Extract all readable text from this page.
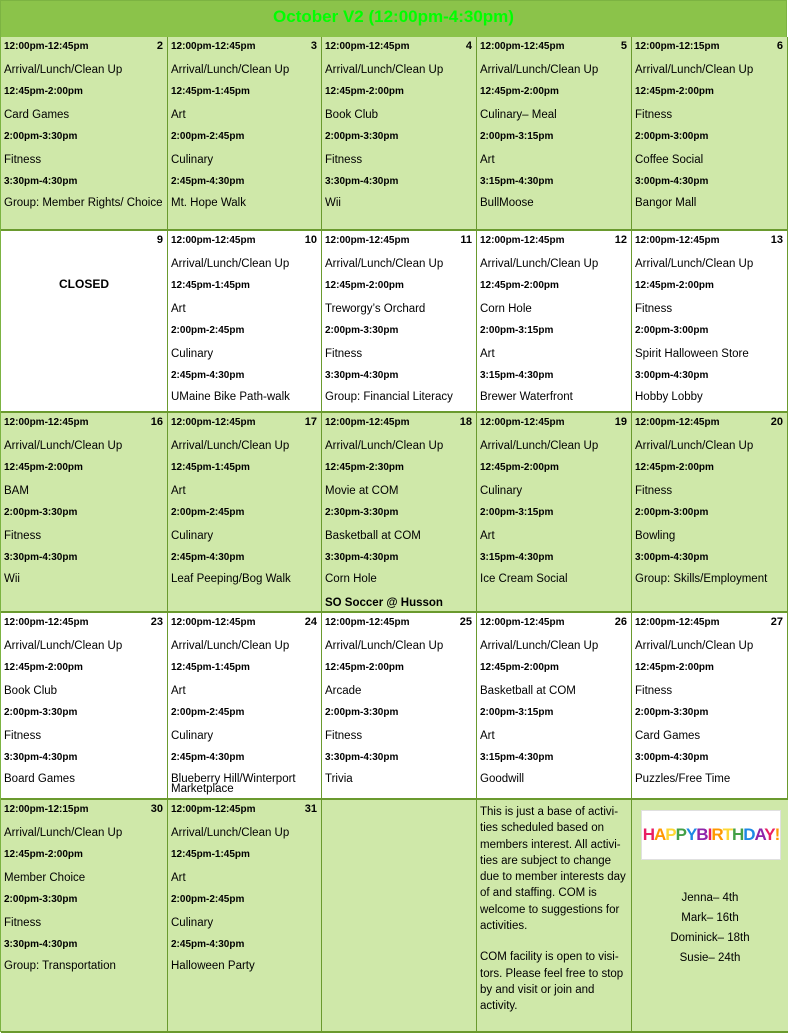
October V2 (12:00pm-4:30pm)
2
12:00pm-12:45pm
Arrival/Lunch/Clean Up
12:45pm-2:00pm
Card Games
2:00pm-3:30pm
Fitness
3:30pm-4:30pm
Group: Member Rights/ Choice
3
12:00pm-12:45pm
Arrival/Lunch/Clean Up
12:45pm-1:45pm
Art
2:00pm-2:45pm
Culinary
2:45pm-4:30pm
Mt. Hope Walk
4
12:00pm-12:45pm
Arrival/Lunch/Clean Up
12:45pm-2:00pm
Book Club
2:00pm-3:30pm
Fitness
3:30pm-4:30pm
Wii
5
12:00pm-12:45pm
Arrival/Lunch/Clean Up
12:45pm-2:00pm
Culinary– Meal
2:00pm-3:15pm
Art
3:15pm-4:30pm
BullMoose
6
12:00pm-12:15pm
Arrival/Lunch/Clean Up
12:45pm-2:00pm
Fitness
2:00pm-3:00pm
Coffee Social
3:00pm-4:30pm
Bangor Mall
9
CLOSED
10
12:00pm-12:45pm
Arrival/Lunch/Clean Up
12:45pm-1:45pm
Art
2:00pm-2:45pm
Culinary
2:45pm-4:30pm
UMaine Bike Path-walk
11
12:00pm-12:45pm
Arrival/Lunch/Clean Up
12:45pm-2:00pm
Treworgy’s Orchard
2:00pm-3:30pm
Fitness
3:30pm-4:30pm
Group: Financial Literacy
12
12:00pm-12:45pm
Arrival/Lunch/Clean Up
12:45pm-2:00pm
Corn Hole
2:00pm-3:15pm
Art
3:15pm-4:30pm
Brewer Waterfront
13
12:00pm-12:45pm
Arrival/Lunch/Clean Up
12:45pm-2:00pm
Fitness
2:00pm-3:00pm
Spirit Halloween Store
3:00pm-4:30pm
Hobby Lobby
16
12:00pm-12:45pm
Arrival/Lunch/Clean Up
12:45pm-2:00pm
BAM
2:00pm-3:30pm
Fitness
3:30pm-4:30pm
Wii
17
12:00pm-12:45pm
Arrival/Lunch/Clean Up
12:45pm-1:45pm
Art
2:00pm-2:45pm
Culinary
2:45pm-4:30pm
Leaf Peeping/Bog Walk
18
12:00pm-12:45pm
Arrival/Lunch/Clean Up
12:45pm-2:30pm
Movie at COM
2:30pm-3:30pm
Basketball at COM
3:30pm-4:30pm
Corn Hole
SO Soccer @ Husson
19
12:00pm-12:45pm
Arrival/Lunch/Clean Up
12:45pm-2:00pm
Culinary
2:00pm-3:15pm
Art
3:15pm-4:30pm
Ice Cream Social
20
12:00pm-12:45pm
Arrival/Lunch/Clean Up
12:45pm-2:00pm
Fitness
2:00pm-3:00pm
Bowling
3:00pm-4:30pm
Group: Skills/Employment
23
12:00pm-12:45pm
Arrival/Lunch/Clean Up
12:45pm-2:00pm
Book Club
2:00pm-3:30pm
Fitness
3:30pm-4:30pm
Board Games
24
12:00pm-12:45pm
Arrival/Lunch/Clean Up
12:45pm-1:45pm
Art
2:00pm-2:45pm
Culinary
2:45pm-4:30pm
Blueberry Hill/Winterport Marketplace
25
12:00pm-12:45pm
Arrival/Lunch/Clean Up
12:45pm-2:00pm
Arcade
2:00pm-3:30pm
Fitness
3:30pm-4:30pm
Trivia
26
12:00pm-12:45pm
Arrival/Lunch/Clean Up
12:45pm-2:00pm
Basketball at COM
2:00pm-3:15pm
Art
3:15pm-4:30pm
Goodwill
27
12:00pm-12:45pm
Arrival/Lunch/Clean Up
12:45pm-2:00pm
Fitness
2:00pm-3:30pm
Card Games
3:00pm-4:30pm
Puzzles/Free Time
30
12:00pm-12:15pm
Arrival/Lunch/Clean Up
12:45pm-2:00pm
Member Choice
2:00pm-3:30pm
Fitness
3:30pm-4:30pm
Group: Transportation
31
12:00pm-12:45pm
Arrival/Lunch/Clean Up
12:45pm-1:45pm
Art
2:00pm-2:45pm
Culinary
2:45pm-4:30pm
Halloween Party

This is just a base of activi-ties scheduled based on members interest. All activi-ties are subject to change due to member interests day of and staffing. COM is welcome to suggestions for activities.

COM facility is open to visi-tors. Please feel free to stop by and visit or join and activity.

HAPPYBIRTHDAY!
Jenna– 4th
Mark– 16th
Dominick– 18th
Susie– 24th
